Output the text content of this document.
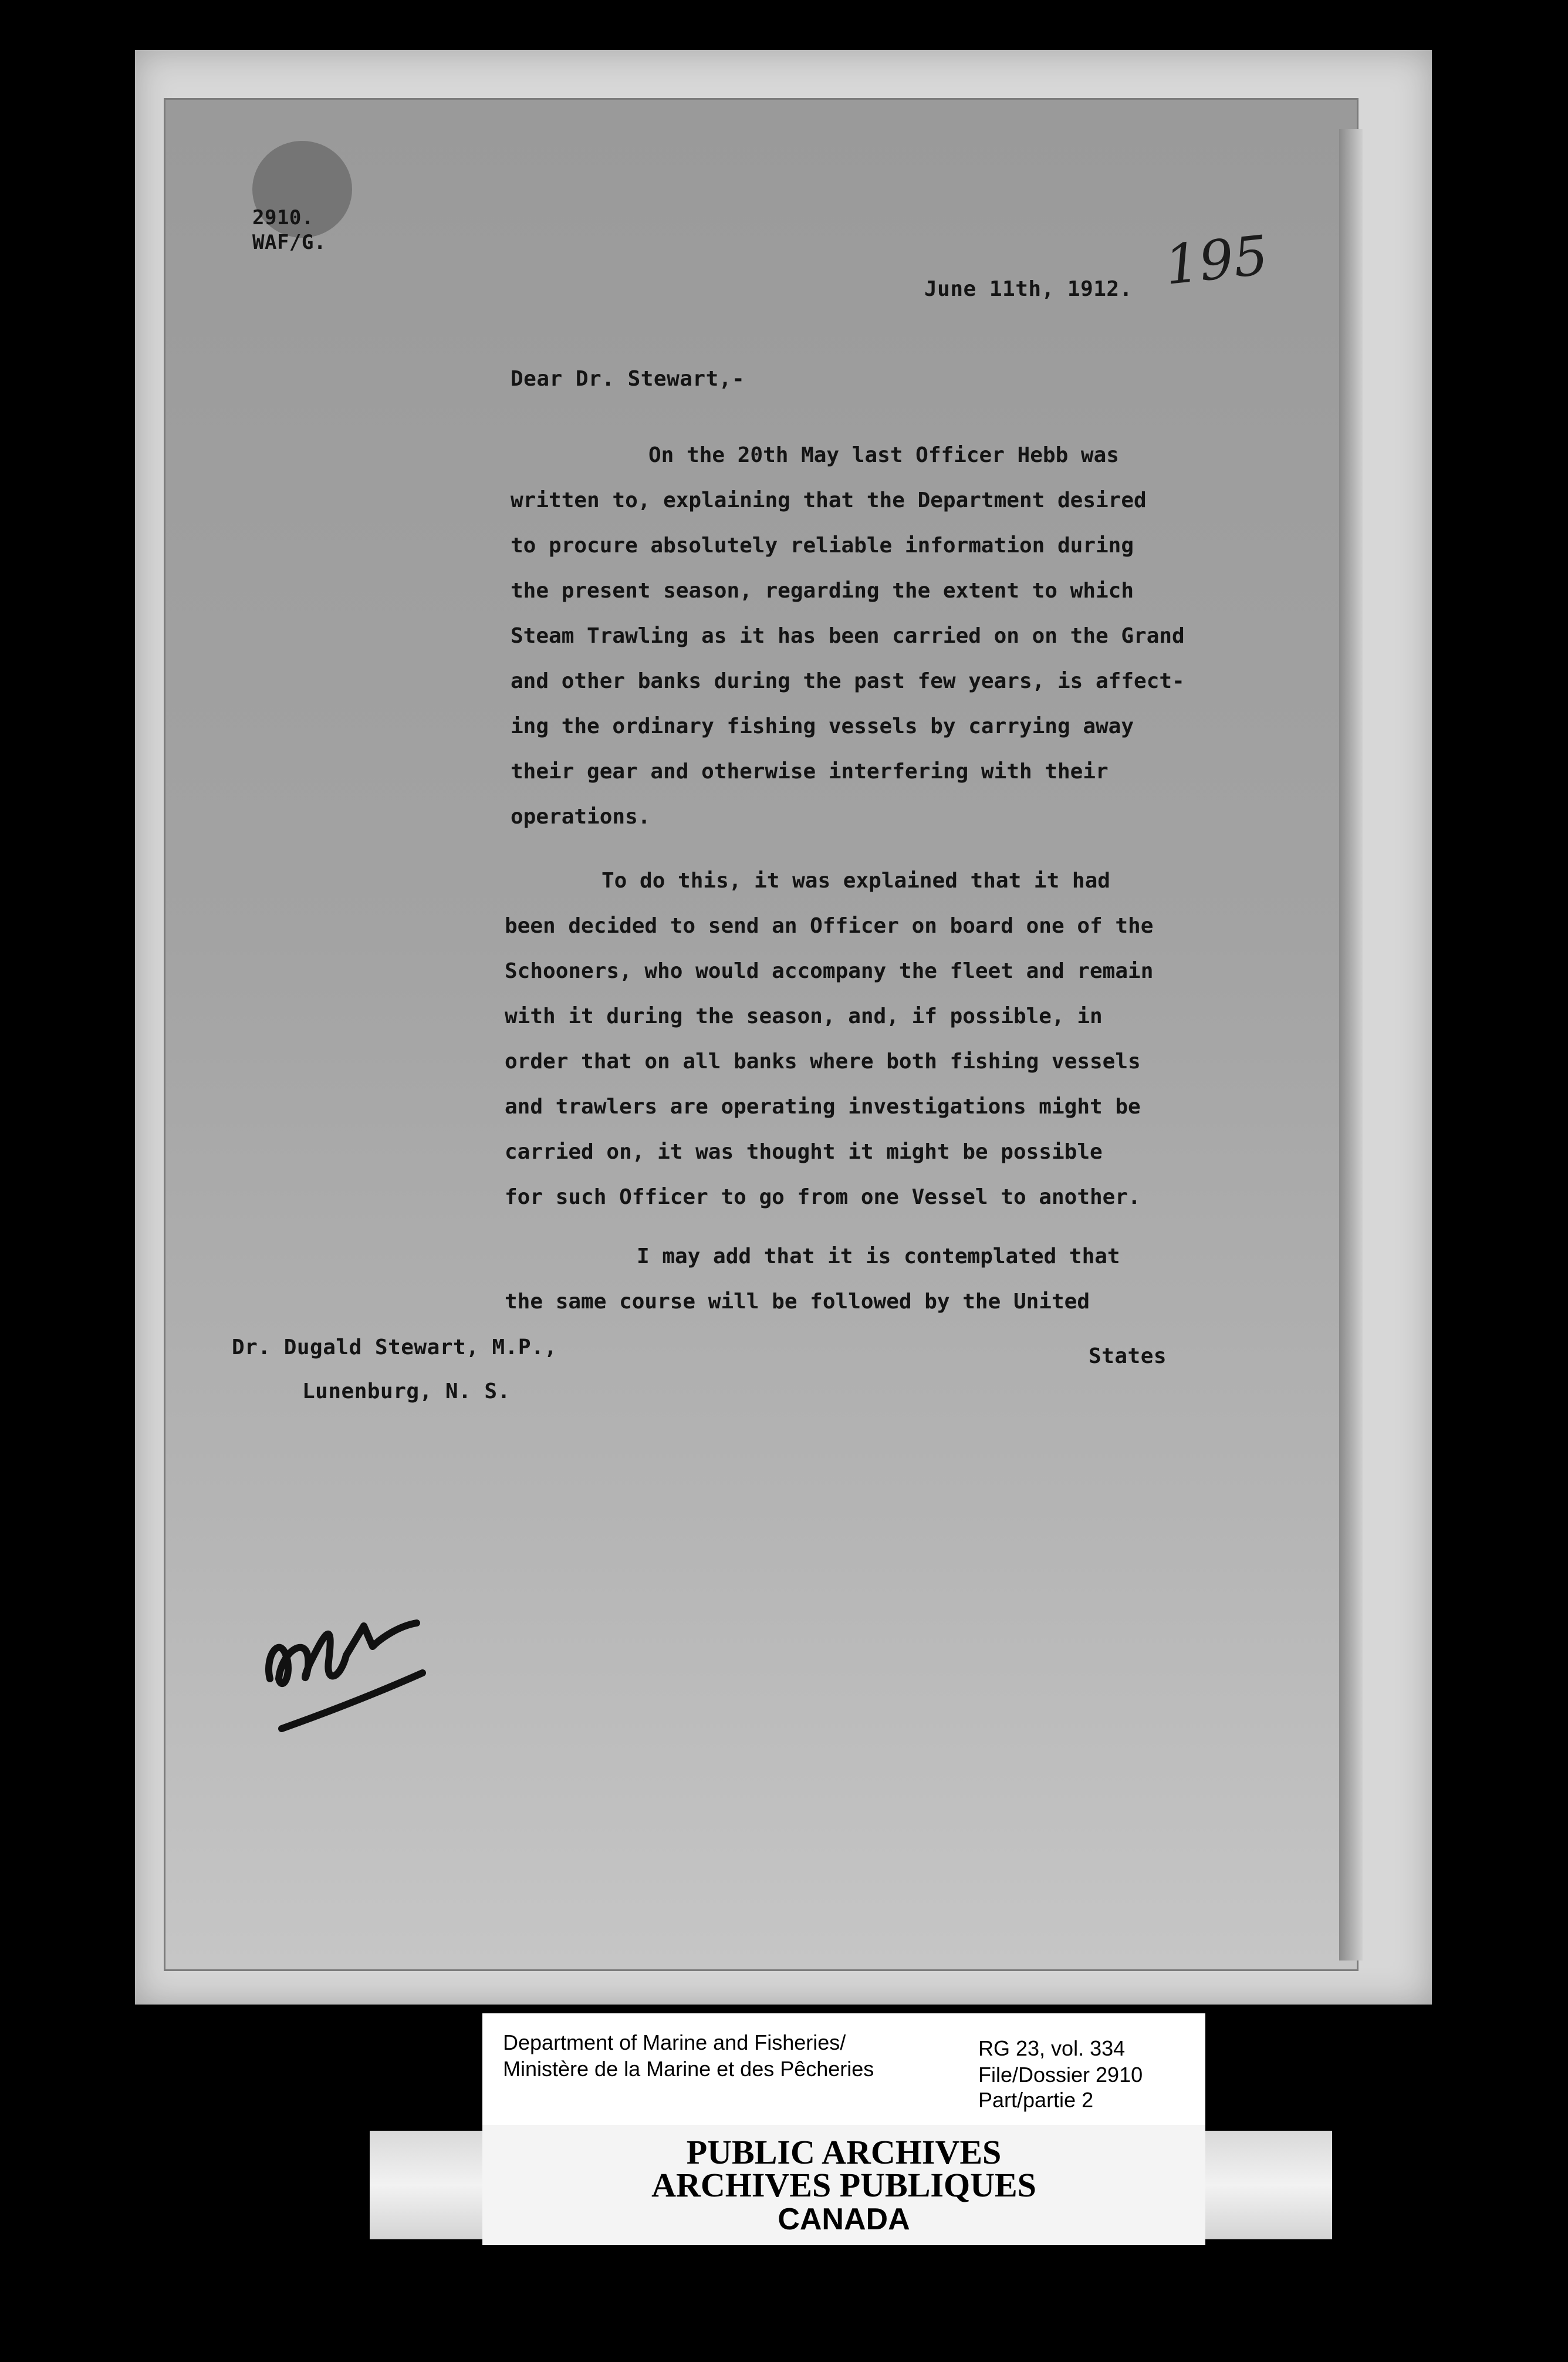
2910.
WAF/G.
June 11th, 1912. 195
Dear Dr. Stewart,-
On the 20th May last Officer Hebb was
written to, explaining that the Department desired
to procure absolutely reliable information during
the present season, regarding the extent to which
Steam Trawling as it has been carried on on the Grand
and other banks during the past few years, is affect-
ing the ordinary fishing vessels by carrying away
their gear and otherwise interfering with their
operations.
To do this, it was explained that it had
been decided to send an Officer on board one of the
Schooners, who would accompany the fleet and remain
with it during the season, and, if possible, in
order that on all banks where both fishing vessels
and trawlers are operating investigations might be
carried on, it was thought it might be possible
for such Officer to go from one Vessel to another.
I may add that it is contemplated that
the same course will be followed by the United
States
Dr. Dugald Stewart, M.P.,
Lunenburg, N. S.
Department of Marine and Fisheries/
Ministère de la Marine et des Pêcheries
RG 23, vol. 334
File/Dossier 2910
Part/partie 2
PUBLIC ARCHIVES
ARCHIVES PUBLIQUES
CANADA
